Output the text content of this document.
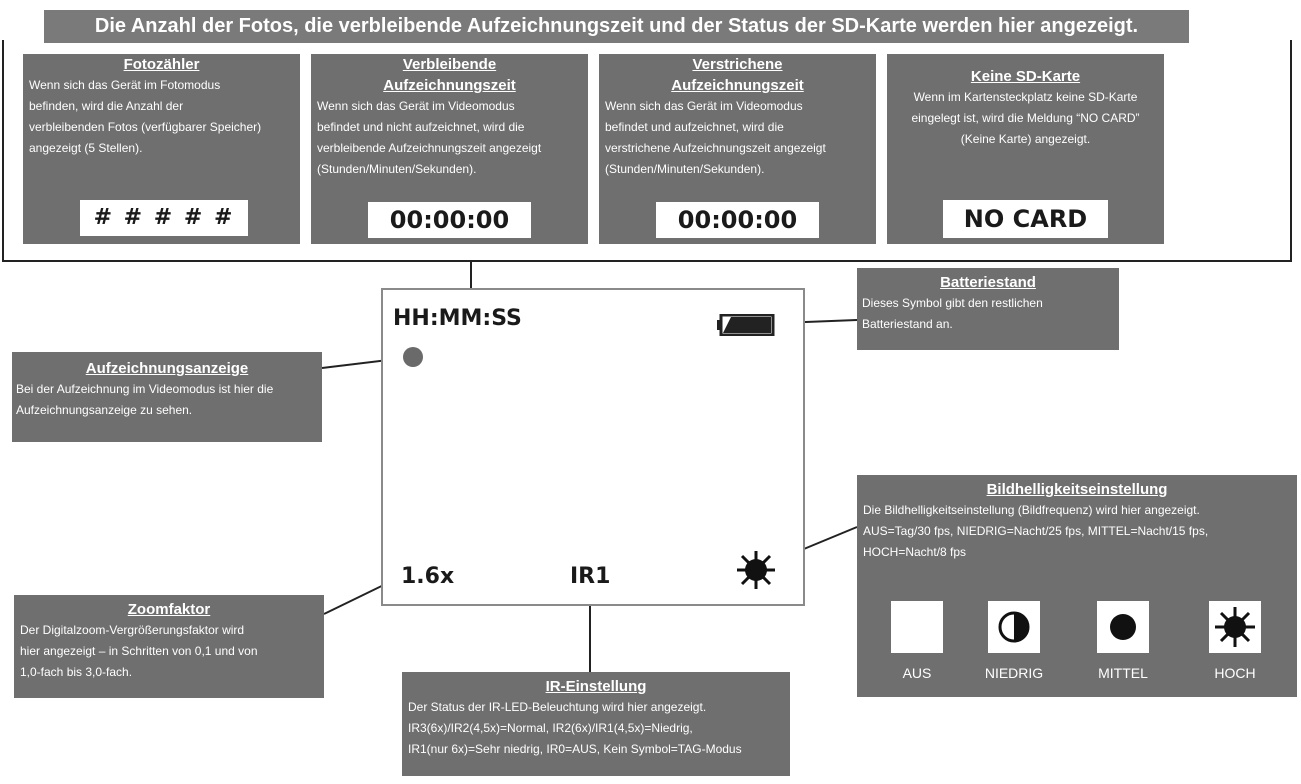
Die Anzahl der Fotos, die verbleibende Aufzeichnungszeit und der Status der SD-Karte werden hier angezeigt.
Fotozähler
Wenn sich das Gerät im Fotomodus
befinden, wird die Anzahl der
verbleibenden Fotos (verfügbarer Speicher)
angezeigt (5 Stellen).
# # # # #
Verbleibende
Aufzeichnungszeit
Wenn sich das Gerät im Videomodus
befindet und nicht aufzeichnet, wird die
verbleibende Aufzeichnungszeit angezeigt
(Stunden/Minuten/Sekunden).
00:00:00
Verstrichene
Aufzeichnungszeit
Wenn sich das Gerät im Videomodus
befindet und aufzeichnet, wird die
verstrichene Aufzeichnungszeit angezeigt
(Stunden/Minuten/Sekunden).
00:00:00
Keine SD-Karte
Wenn im Kartensteckplatz keine SD-Karte
eingelegt ist, wird die Meldung “NO CARD”
(Keine Karte) angezeigt.
NO CARD
HH:MM:SS
1.6x	IR1
Batteriestand
Dieses Symbol gibt den restlichen
Batteriestand an.
Aufzeichnungsanzeige
Bei der Aufzeichnung im Videomodus ist hier die
Aufzeichnungsanzeige zu sehen.
Zoomfaktor
Der Digitalzoom-Vergrößerungsfaktor wird
hier angezeigt – in Schritten von 0,1 und von
1,0-fach bis 3,0-fach.
IR-Einstellung
Der Status der IR-LED-Beleuchtung wird hier angezeigt.
IR3(6x)/IR2(4,5x)=Normal, IR2(6x)/IR1(4,5x)=Niedrig,
IR1(nur 6x)=Sehr niedrig, IR0=AUS, Kein Symbol=TAG-Modus
Bildhelligkeitseinstellung
Die Bildhelligkeitseinstellung (Bildfrequenz) wird hier angezeigt.
AUS=Tag/30 fps, NIEDRIG=Nacht/25 fps, MITTEL=Nacht/15 fps,
HOCH=Nacht/8 fps
AUS	NIEDRIG	MITTEL	HOCH
